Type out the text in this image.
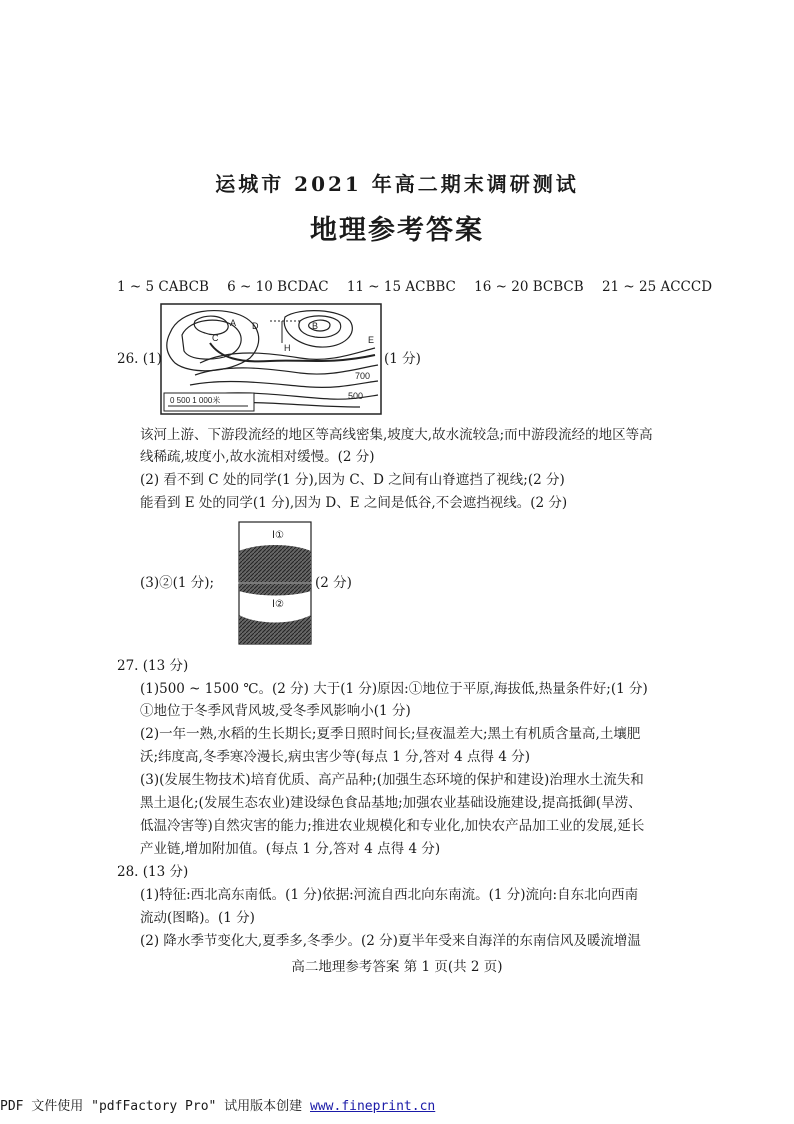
运城市 2021 年高二期末调研测试
地理参考答案
1 ~ 5 CABCB 6 ~ 10 BCDAC 11 ~ 15 ACBBC 16 ~ 20 BCBCB 21 ~ 25 ACCCD
26. (1)
A	B
C
D
E
H
700
500
0 500 1 000米
(1 分)
该河上游、下游段流经的地区等高线密集,坡度大,故水流较急;而中游段流经的地区等高
线稀疏,坡度小,故水流相对缓慢。(2 分)
(2) 看不到 C 处的同学(1 分),因为 C、D 之间有山脊遮挡了视线;(2 分)
能看到 E 处的同学(1 分),因为 D、E 之间是低谷,不会遮挡视线。(2 分)
(3)②(1 分);
Ⅰ①
Ⅰ②
(2 分)
27. (13 分)
(1)500 ~ 1500 ℃。(2 分) 大于(1 分)原因:①地位于平原,海拔低,热量条件好;(1 分)
①地位于冬季风背风坡,受冬季风影响小(1 分)
(2)一年一熟,水稻的生长期长;夏季日照时间长;昼夜温差大;黑土有机质含量高,土壤肥
沃;纬度高,冬季寒冷漫长,病虫害少等(每点 1 分,答对 4 点得 4 分)
(3)(发展生物技术)培育优质、高产品种;(加强生态环境的保护和建设)治理水土流失和
黑土退化;(发展生态农业)建设绿色食品基地;加强农业基础设施建设,提高抵御(旱涝、
低温冷害等)自然灾害的能力;推进农业规模化和专业化,加快农产品加工业的发展,延长
产业链,增加附加值。(每点 1 分,答对 4 点得 4 分)
28. (13 分)
(1)特征:西北高东南低。(1 分)依据:河流自西北向东南流。(1 分)流向:自东北向西南
流动(图略)。(1 分)
(2) 降水季节变化大,夏季多,冬季少。(2 分)夏半年受来自海洋的东南信风及暖流增温
高二地理参考答案 第 1 页(共 2 页)
PDF 文件使用 "pdfFactory Pro" 试用版本创建 www.fineprint.cn
